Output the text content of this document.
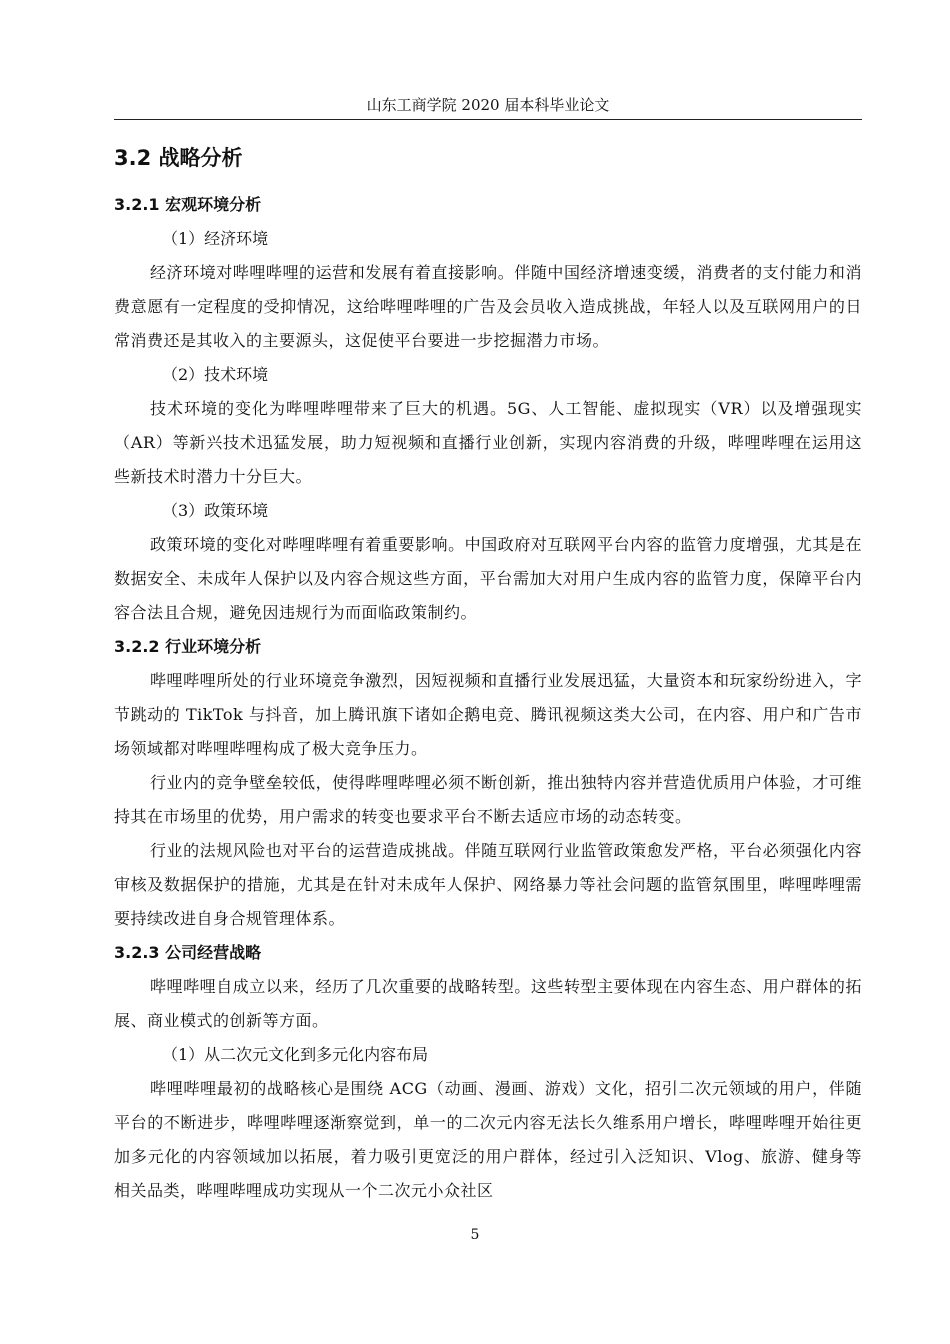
山东工商学院 2020 届本科毕业论文
3.2 战略分析
3.2.1 宏观环境分析
（1）经济环境

经济环境对哔哩哔哩的运营和发展有着直接影响。伴随中国经济增速变缓，消费者的支付能力和消费意愿有一定程度的受抑情况，这给哔哩哔哩的广告及会员收入造成挑战，年轻人以及互联网用户的日常消费还是其收入的主要源头，这促使平台要进一步挖掘潜力市场。

（2）技术环境

技术环境的变化为哔哩哔哩带来了巨大的机遇。5G、人工智能、虚拟现实（VR）以及增强现实（AR）等新兴技术迅猛发展，助力短视频和直播行业创新，实现内容消费的升级，哔哩哔哩在运用这些新技术时潜力十分巨大。

（3）政策环境

政策环境的变化对哔哩哔哩有着重要影响。中国政府对互联网平台内容的监管力度增强，尤其是在数据安全、未成年人保护以及内容合规这些方面，平台需加大对用户生成内容的监管力度，保障平台内容合法且合规，避免因违规行为而面临政策制约。

3.2.2 行业环境分析

哔哩哔哩所处的行业环境竞争激烈，因短视频和直播行业发展迅猛，大量资本和玩家纷纷进入，字节跳动的 TikTok 与抖音，加上腾讯旗下诸如企鹅电竞、腾讯视频这类大公司，在内容、用户和广告市场领域都对哔哩哔哩构成了极大竞争压力。

行业内的竞争壁垒较低，使得哔哩哔哩必须不断创新，推出独特内容并营造优质用户体验，才可维持其在市场里的优势，用户需求的转变也要求平台不断去适应市场的动态转变。

行业的法规风险也对平台的运营造成挑战。伴随互联网行业监管政策愈发严格，平台必须强化内容审核及数据保护的措施，尤其是在针对未成年人保护、网络暴力等社会问题的监管氛围里，哔哩哔哩需要持续改进自身合规管理体系。

3.2.3 公司经营战略

哔哩哔哩自成立以来，经历了几次重要的战略转型。这些转型主要体现在内容生态、用户群体的拓展、商业模式的创新等方面。

（1）从二次元文化到多元化内容布局

哔哩哔哩最初的战略核心是围绕 ACG（动画、漫画、游戏）文化，招引二次元领域的用户，伴随平台的不断进步，哔哩哔哩逐渐察觉到，单一的二次元内容无法长久维系用户增长，哔哩哔哩开始往更加多元化的内容领域加以拓展，着力吸引更宽泛的用户群体，经过引入泛知识、Vlog、旅游、健身等相关品类，哔哩哔哩成功实现从一个二次元小众社区

5
